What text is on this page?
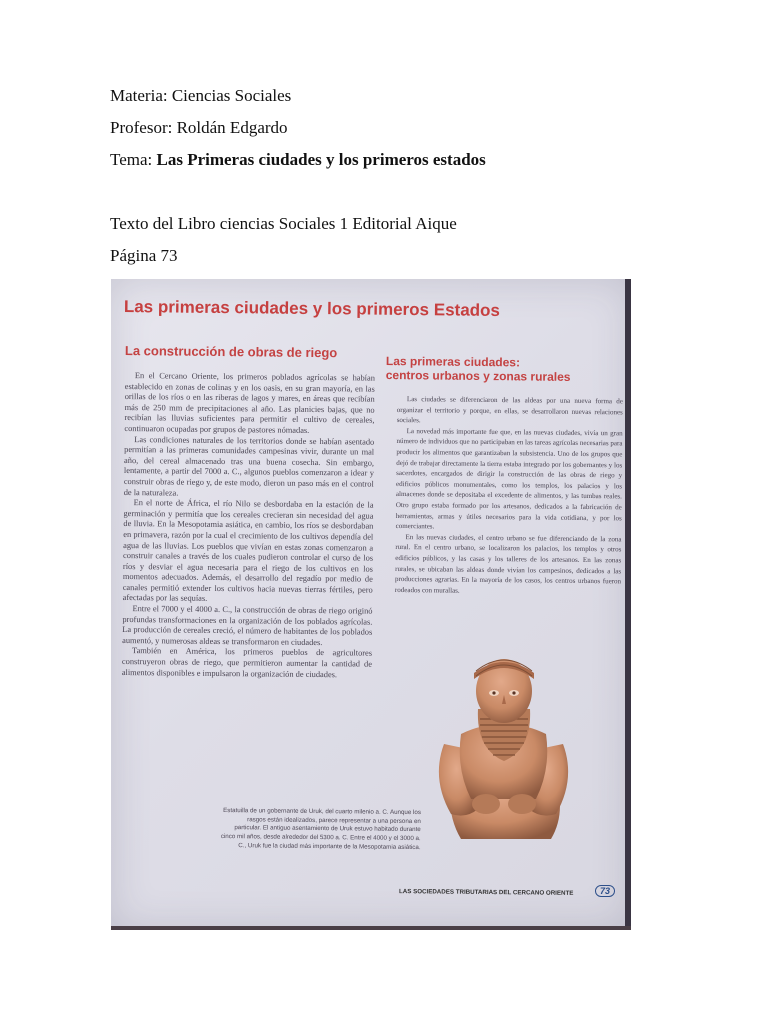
Materia: Ciencias Sociales

Profesor: Roldán Edgardo

Tema: Las Primeras ciudades y los primeros estados

Texto del Libro ciencias Sociales 1 Editorial Aique

Página 73

Las primeras ciudades y los primeros Estados
La construcción de obras de riego
Las primeras ciudades:
centros urbanos y zonas rurales

En el Cercano Oriente, los primeros poblados agrícolas se habían establecido en zonas de colinas y en los oasis, en su gran mayoría, en las orillas de los ríos o en las riberas de lagos y mares, en áreas que recibían más de 250 mm de precipitaciones al año. Las planicies bajas, que no recibían las lluvias suficientes para permitir el cultivo de cereales, continuaron ocupadas por grupos de pastores nómadas.

Las condiciones naturales de los territorios donde se habían asentado permitían a las primeras comunidades campesinas vivir, durante un mal año, del cereal almacenado tras una buena cosecha. Sin embargo, lentamente, a partir del 7000 a. C., algunos pueblos comenzaron a idear y construir obras de riego y, de este modo, dieron un paso más en el control de la naturaleza.

En el norte de África, el río Nilo se desbordaba en la estación de la germinación y permitía que los cereales crecieran sin necesidad del agua de lluvia. En la Mesopotamia asiática, en cambio, los ríos se desbordaban en primavera, razón por la cual el crecimiento de los cultivos dependía del agua de las lluvias. Los pueblos que vivían en estas zonas comenzaron a construir canales a través de los cuales pudieron controlar el curso de los ríos y desviar el agua necesaria para el riego de los cultivos en los momentos adecuados. Además, el desarrollo del regadío por medio de canales permitió extender los cultivos hacia nuevas tierras fértiles, pero afectadas por las sequías.

Entre el 7000 y el 4000 a. C., la construcción de obras de riego originó profundas transformaciones en la organización de los poblados agrícolas. La producción de cereales creció, el número de habitantes de los poblados aumentó, y numerosas aldeas se transformaron en ciudades.

También en América, los primeros pueblos de agricultores construyeron obras de riego, que permitieron aumentar la cantidad de alimentos disponibles e impulsaron la organización de ciudades.

Las ciudades se diferenciaron de las aldeas por una nueva forma de organizar el territorio y porque, en ellas, se desarrollaron nuevas relaciones sociales.

La novedad más importante fue que, en las nuevas ciudades, vivía un gran número de individuos que no participaban en las tareas agrícolas necesarias para producir los alimentos que garantizaban la subsistencia. Uno de los grupos que dejó de trabajar directamente la tierra estaba integrado por los gobernantes y los sacerdotes, encargados de dirigir la construcción de las obras de riego y edificios públicos monumentales, como los templos, los palacios y los almacenes donde se depositaba el excedente de alimentos, y las tumbas reales. Otro grupo estaba formado por los artesanos, dedicados a la fabricación de herramientas, armas y útiles necesarios para la vida cotidiana, y por los comerciantes.

En las nuevas ciudades, el centro urbano se fue diferenciando de la zona rural. En el centro urbano, se localizaron los palacios, los templos y otros edificios públicos, y las casas y los talleres de los artesanos. En las zonas rurales, se ubicaban las aldeas donde vivían los campesinos, dedicados a las producciones agrarias. En la mayoría de los casos, los centros urbanos fueron rodeados con murallas.

Estatuilla de un gobernante de Uruk, del cuarto milenio a. C. Aunque los rasgos están idealizados, parece representar a una persona en particular. El antiguo asentamiento de Uruk estuvo habitado durante cinco mil años, desde alrededor del 5300 a. C. Entre el 4000 y el 3000 a. C., Uruk fue la ciudad más importante de la Mesopotamia asiática.
LAS SOCIEDADES TRIBUTARIAS DEL CERCANO ORIENTE	73
